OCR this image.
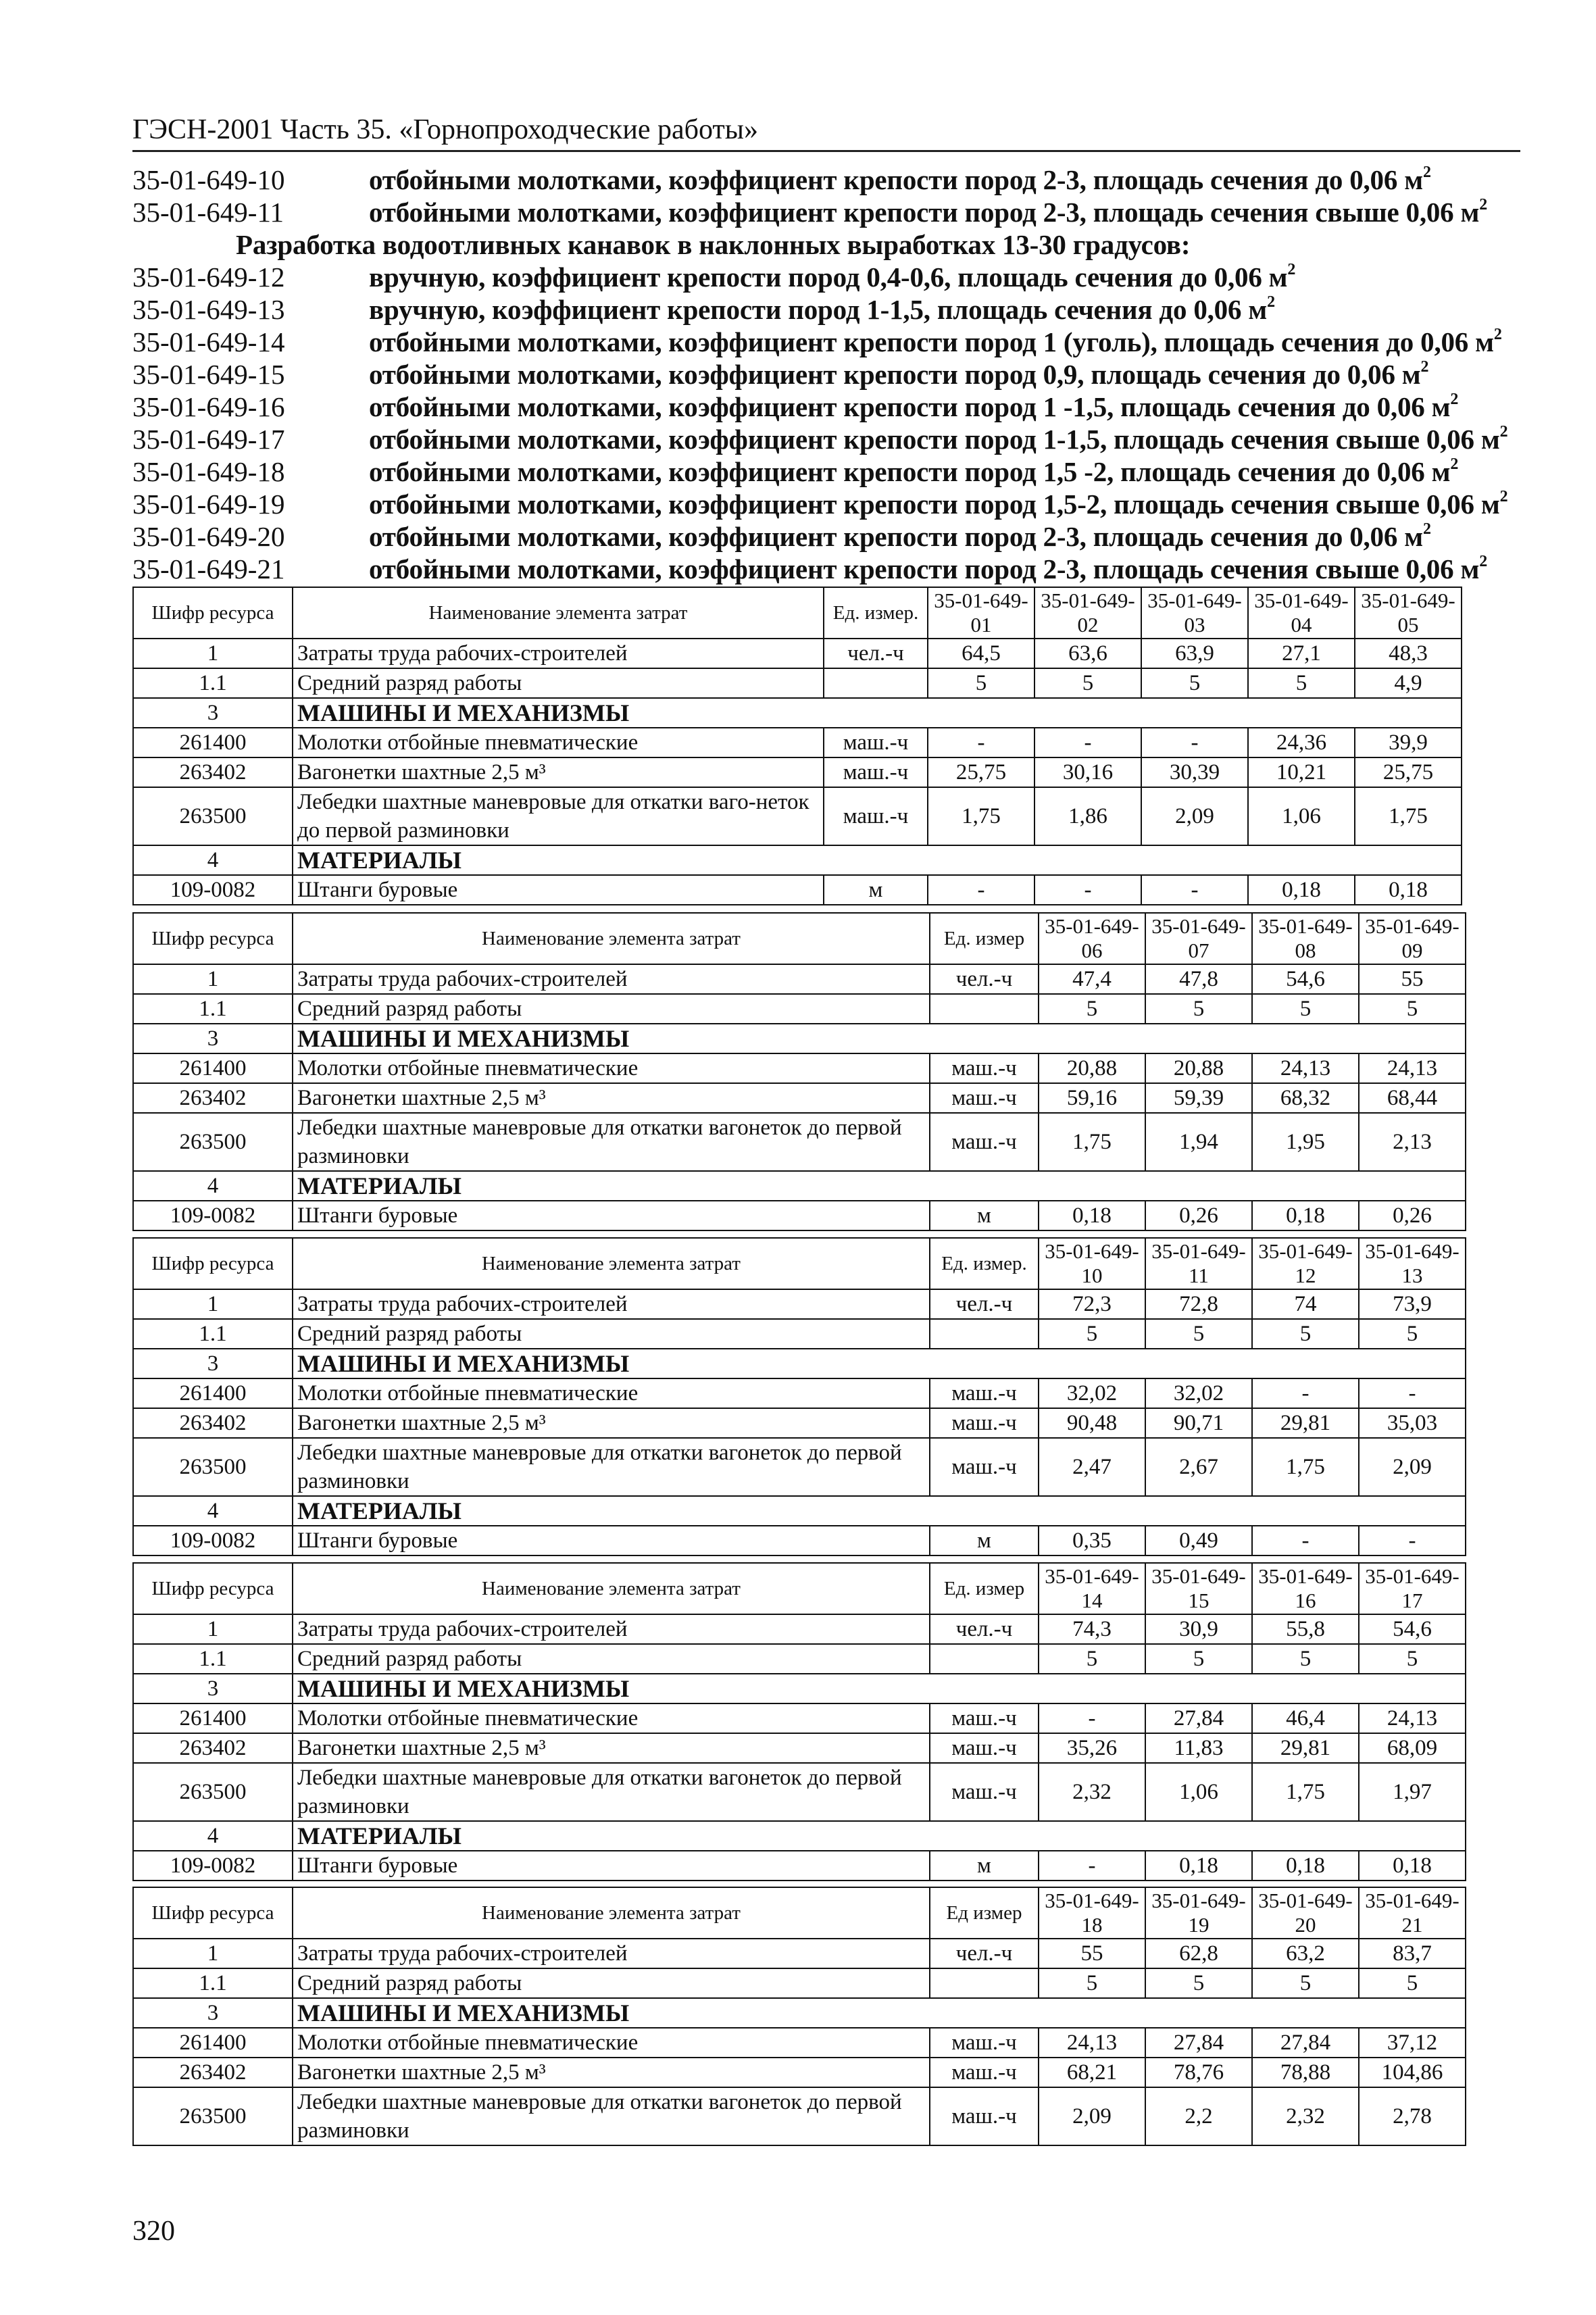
ГЭСН-2001 Часть 35. «Горнопроходческие работы»
35-01-649-10	отбойными молотками, коэффициент крепости пород 2-3, площадь сечения до 0,06 $м^2$
35-01-649-11	отбойными молотками, коэффициент крепости пород 2-3, площадь сечения свыше 0,06 $м^2$
Разработка водоотливных канавок в наклонных выработках 13-30 градусов:
35-01-649-12	вручную, коэффициент крепости пород 0,4-0,6, площадь сечения до 0,06 $м^2$
35-01-649-13	вручную, коэффициент крепости пород 1-1,5, площадь сечения до 0,06 $м^2$
35-01-649-14	отбойными молотками, коэффициент крепости пород 1 (уголь), площадь сечения до 0,06 $м^2$
35-01-649-15	отбойными молотками, коэффициент крепости пород 0,9, площадь сечения до 0,06 $м^2$
35-01-649-16	отбойными молотками, коэффициент крепости пород 1 -1,5, площадь сечения до 0,06 $м^2$
35-01-649-17	отбойными молотками, коэффициент крепости пород 1-1,5, площадь сечения свыше 0,06 $м^2$
35-01-649-18	отбойными молотками, коэффициент крепости пород 1,5 -2, площадь сечения до 0,06 $м^2$
35-01-649-19	отбойными молотками, коэффициент крепости пород 1,5-2, площадь сечения свыше 0,06 $м^2$
35-01-649-20	отбойными молотками, коэффициент крепости пород 2-3, площадь сечения до 0,06 $м^2$
35-01-649-21	отбойными молотками, коэффициент крепости пород 2-3, площадь сечения свыше 0,06 $м^2$
Шифр ресурса	Наименование элемента затрат	Ед. измер.	35-01-649-01	35-01-649-02	35-01-649-03	35-01-649-04	35-01-649-05
1	Затраты труда рабочих-строителей	чел.-ч	64,5	63,6	63,9	27,1	48,3
1.1	Средний разряд работы		5	5	5	5	4,9
3	МАШИНЫ И МЕХАНИЗМЫ						
261400	Молотки отбойные пневматические	маш.-ч	-	-	-	24,36	39,9
263402	Вагонетки шахтные 2,5 м³	маш.-ч	25,75	30,16	30,39	10,21	25,75
263500	Лебедки шахтные маневровые для откатки ваго-неток до первой разминовки	маш.-ч	1,75	1,86	2,09	1,06	1,75
4	МАТЕРИАЛЫ						
109-0082	Штанги буровые	м	-	-	-	0,18	0,18
Шифр ресурса	Наименование элемента затрат	Ед. измер	35-01-649-06	35-01-649-07	35-01-649-08	35-01-649-09
1	Затраты труда рабочих-строителей	чел.-ч	47,4	47,8	54,6	55
1.1	Средний разряд работы		5	5	5	5
3	МАШИНЫ И МЕХАНИЗМЫ					
261400	Молотки отбойные пневматические	маш.-ч	20,88	20,88	24,13	24,13
263402	Вагонетки шахтные 2,5 м³	маш.-ч	59,16	59,39	68,32	68,44
263500	Лебедки шахтные маневровые для откатки вагонеток до первой разминовки	маш.-ч	1,75	1,94	1,95	2,13
4	МАТЕРИАЛЫ					
109-0082	Штанги буровые	м	0,18	0,26	0,18	0,26
Шифр ресурса	Наименование элемента затрат	Ед. измер.	35-01-649-10	35-01-649-11	35-01-649-12	35-01-649-13
1	Затраты труда рабочих-строителей	чел.-ч	72,3	72,8	74	73,9
1.1	Средний разряд работы		5	5	5	5
3	МАШИНЫ И МЕХАНИЗМЫ					
261400	Молотки отбойные пневматические	маш.-ч	32,02	32,02	-	-
263402	Вагонетки шахтные 2,5 м³	маш.-ч	90,48	90,71	29,81	35,03
263500	Лебедки шахтные маневровые для откатки вагонеток до первой разминовки	маш.-ч	2,47	2,67	1,75	2,09
4	МАТЕРИАЛЫ					
109-0082	Штанги буровые	м	0,35	0,49	-	-
Шифр ресурса	Наименование элемента затрат	Ед. измер	35-01-649-14	35-01-649-15	35-01-649-16	35-01-649-17
1	Затраты труда рабочих-строителей	чел.-ч	74,3	30,9	55,8	54,6
1.1	Средний разряд работы		5	5	5	5
3	МАШИНЫ И МЕХАНИЗМЫ					
261400	Молотки отбойные пневматические	маш.-ч	-	27,84	46,4	24,13
263402	Вагонетки шахтные 2,5 м³	маш.-ч	35,26	11,83	29,81	68,09
263500	Лебедки шахтные маневровые для откатки вагонеток до первой разминовки	маш.-ч	2,32	1,06	1,75	1,97
4	МАТЕРИАЛЫ					
109-0082	Штанги буровые	м	-	0,18	0,18	0,18
Шифр ресурса	Наименование элемента затрат	Ед измер	35-01-649-18	35-01-649-19	35-01-649-20	35-01-649-21
1	Затраты труда рабочих-строителей	чел.-ч	55	62,8	63,2	83,7
1.1	Средний разряд работы		5	5	5	5
3	МАШИНЫ И МЕХАНИЗМЫ					
261400	Молотки отбойные пневматические	маш.-ч	24,13	27,84	27,84	37,12
263402	Вагонетки шахтные 2,5 м³	маш.-ч	68,21	78,76	78,88	104,86
263500	Лебедки шахтные маневровые для откатки вагонеток до первой разминовки	маш.-ч	2,09	2,2	2,32	2,78
320
